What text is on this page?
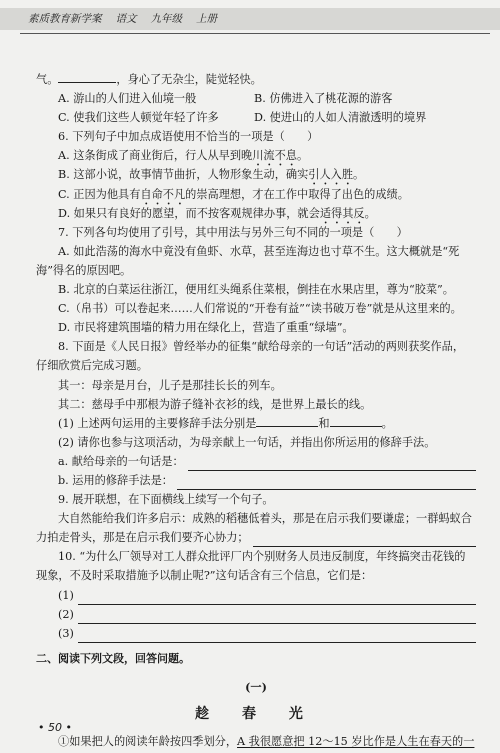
素质教育新学案 语文 九年级 上册
气。	，身心了无杂尘，陡觉轻快。
A. 游山的人们进入仙境一般	B. 仿佛进入了桃花源的游客
C. 使我们这些人顿觉年轻了许多	D. 使进山的人如人清澈透明的境界
6. 下列句子中加点成语使用不恰当的一项是（　　）
A. 这条街成了商业街后，行人从早到晚川流不息。
B. 这部小说，故事情节曲折，人物形象生动，确实引人入胜。
C. 正因为他具有自命不凡的崇高理想，才在工作中取得了出色的成绩。
D. 如果只有良好的愿望，而不按客观规律办事，就会适得其反。
7. 下列各句均使用了引号，其中用法与另外三句不同的一项是（　　）
A. 如此浩荡的海水中竟没有鱼虾、水草，甚至连海边也寸草不生。这大概就是“死
海”得名的原因吧。
B. 北京的白菜运往浙江，便用红头绳系住菜根，倒挂在水果店里，尊为“胶菜”。
C.（帛书）可以卷起来……人们常说的“开卷有益”“读书破万卷”就是从这里来的。
D. 市民将建筑围墙的精力用在绿化上，营造了重重“绿墙”。
8. 下面是《人民日报》曾经举办的征集“献给母亲的一句话”活动的两则获奖作品，
仔细欣赏后完成习题。
其一：母亲是月台，儿子是那挂长长的列车。
其二：慈母手中那根为游子缝补衣衫的线，是世界上最长的线。
(1) 上述两句运用的主要修辞手法分别是	和	。
(2) 请你也参与这项活动，为母亲献上一句话，并指出你所运用的修辞手法。
a. 献给母亲的一句话是：
b. 运用的修辞手法是：
9. 展开联想，在下面横线上续写一个句子。
大自然能给我们许多启示：成熟的稻穗低着头，那是在启示我们要谦虚；一群蚂蚁合
力拍走骨头，那是在启示我们要齐心协力；
10. “为什么厂领导对工人群众批评厂内个别财务人员违反制度，年终搞突击花钱的
现象，不及时采取措施予以制止呢?”这句话含有三个信息，它们是：
(1)
(2)
(3)
二、阅读下列文段，回答问题。
(一)
趁 春 光
①如果把人的阅读年龄按四季划分，A 我很愿意把 12～15 岁比作是人生在春天的一
• 50 •
